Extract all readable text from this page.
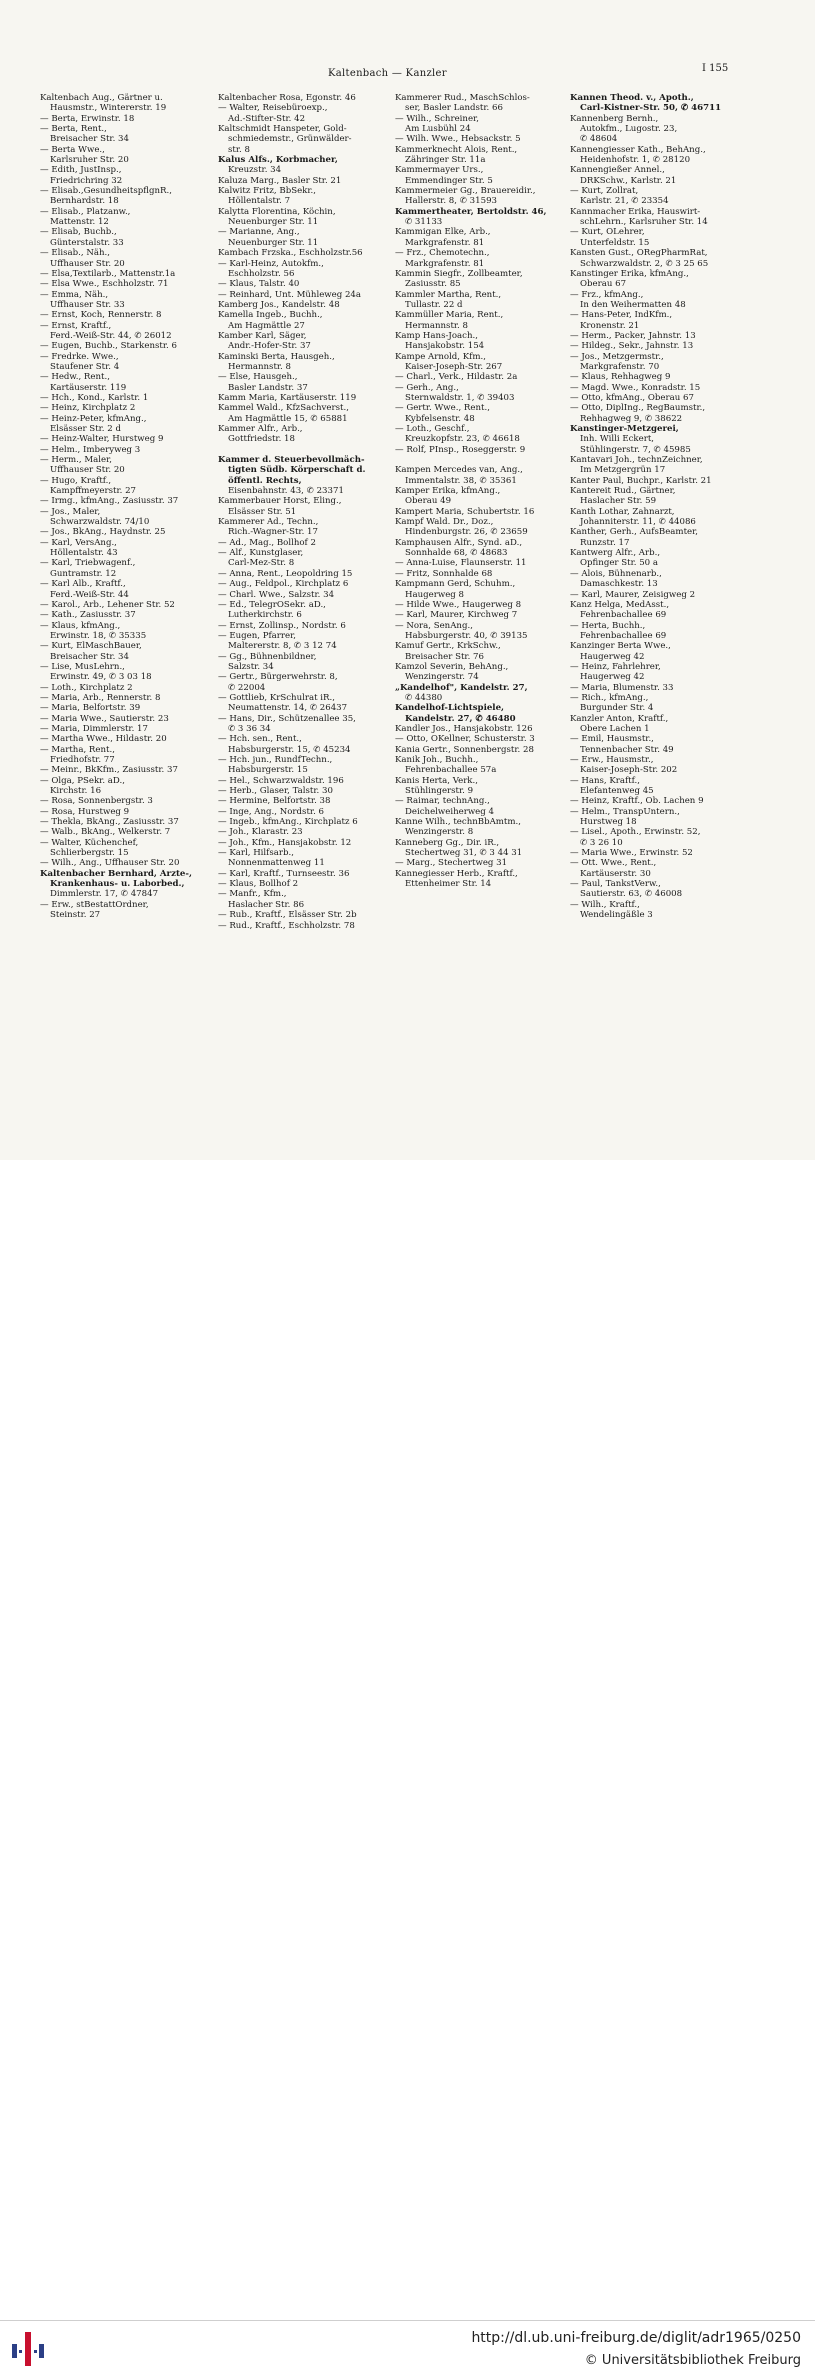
Kaltenbach — Kanzler	I 155
Kaltenbach Aug., Gärtner u.
Hausmstr., Wintererstr. 19
— Berta, Erwinstr. 18
— Berta, Rent.,
Breisacher Str. 34
— Berta Wwe.,
Karlsruher Str. 20
— Edith, JustInsp.,
Friedrichring 32
— Elisab.,GesundheitspflgnR.,
Bernhardstr. 18
— Elisab., Platzanw.,
Mattenstr. 12
— Elisab, Buchb.,
Günterstalstr. 33
— Elisab., Näh.,
Uffhauser Str. 20
— Elsa,Textilarb., Mattenstr.1a
— Elsa Wwe., Eschholzstr. 71
— Emma, Näh.,
Uffhauser Str. 33
— Ernst, Koch, Rennerstr. 8
— Ernst, Kraftf.,
Ferd.-Weiß-Str. 44, ✆ 26012
— Eugen, Buchb., Starkenstr. 6
— Fredrke. Wwe.,
Staufener Str. 4
— Hedw., Rent.,
Kartäuserstr. 119
— Hch., Kond., Karlstr. 1
— Heinz, Kirchplatz 2
— Heinz-Peter, kfmAng.,
Elsässer Str. 2 d
— Heinz-Walter, Hurstweg 9
— Helm., Imberyweg 3
— Herm., Maler,
Uffhauser Str. 20
— Hugo, Kraftf.,
Kampffmeyerstr. 27
— Irmg., kfmAng., Zasiusstr. 37
— Jos., Maler,
Schwarzwaldstr. 74/10
— Jos., BkAng., Haydnstr. 25
— Karl, VersAng.,
Höllentalstr. 43
— Karl, Triebwagenf.,
Guntramstr. 12
— Karl Alb., Kraftf.,
Ferd.-Weiß-Str. 44
— Karol., Arb., Lehener Str. 52
— Kath., Zasiusstr. 37
— Klaus, kfmAng.,
Erwinstr. 18, ✆ 35335
— Kurt, ElMaschBauer,
Breisacher Str. 34
— Lise, MusLehrn.,
Erwinstr. 49, ✆ 3 03 18
— Loth., Kirchplatz 2
— Maria, Arb., Rennerstr. 8
— Maria, Belfortstr. 39
— Maria Wwe., Sautierstr. 23
— Maria, Dimmlerstr. 17
— Martha Wwe., Hildastr. 20
— Martha, Rent.,
Friedhofstr. 77
— Meinr., BkKfm., Zasiusstr. 37
— Olga, PSekr. aD.,
Kirchstr. 16
— Rosa, Sonnenbergstr. 3
— Rosa, Hurstweg 9
— Thekla, BkAng., Zasiusstr. 37
— Walb., BkAng., Welkerstr. 7
— Walter, Küchenchef,
Schlierbergstr. 15
— Wilh., Ang., Uffhauser Str. 20
Kaltenbacher Bernhard, Ärzte-,
Krankenhaus- u. Laborbed.,
Dimmlerstr. 17, ✆ 47847
— Erw., stBestattOrdner,
Steinstr. 27
Kaltenbacher Rosa, Egonstr. 46
— Walter, Reisebüroexp.,
Ad.-Stifter-Str. 42
Kaltschmidt Hanspeter, Gold-
schmiedemstr., Grünwälder-
str. 8
Kalus Alfs., Korbmacher,
Kreuzstr. 34
Kaluza Marg., Basler Str. 21
Kalwitz Fritz, BbSekr.,
Höllentalstr. 7
Kalytta Florentina, Köchin,
Neuenburger Str. 11
— Marianne, Ang.,
Neuenburger Str. 11
Kambach Frzska., Eschholzstr.56
— Karl-Heinz, Autokfm.,
Eschholzstr. 56
— Klaus, Talstr. 40
— Reinhard, Unt. Mühleweg 24a
Kamberg Jos., Kandelstr. 48
Kamella Ingeb., Buchh.,
Am Hagmättle 27
Kamber Karl, Säger,
Andr.-Hofer-Str. 37
Kaminski Berta, Hausgeh.,
Hermannstr. 8
— Else, Hausgeh.,
Basler Landstr. 37
Kamm Maria, Kartäuserstr. 119
Kammel Wald., KfzSachverst.,
Am Hagmättle 15, ✆ 65881
Kammer Alfr., Arb.,
Gottfriedstr. 18

Kammer d. Steuerbevollmäch-
tigten Südb. Körperschaft d.
öffentl. Rechts,
Eisenbahnstr. 43, ✆ 23371
Kammerbauer Horst, Eling.,
Elsässer Str. 51
Kammerer Ad., Techn.,
Rich.-Wagner-Str. 17
— Ad., Mag., Bollhof 2
— Alf., Kunstglaser,
Carl-Mez-Str. 8
— Anna, Rent., Leopoldring 15
— Aug., Feldpol., Kirchplatz 6
— Charl. Wwe., Salzstr. 34
— Ed., TelegrOSekr. aD.,
Lutherkirchstr. 6
— Ernst, Zollinsp., Nordstr. 6
— Eugen, Pfarrer,
Maltererstr. 8, ✆ 3 12 74
— Gg., Bühnenbildner,
Salzstr. 34
— Gertr., Bürgerwehrstr. 8,
✆ 22004
— Gottlieb, KrSchulrat iR.,
Neumattenstr. 14, ✆ 26437
— Hans, Dir., Schützenallee 35,
✆ 3 36 34
— Hch. sen., Rent.,
Habsburgerstr. 15, ✆ 45234
— Hch. jun., RundfTechn.,
Habsburgerstr. 15
— Hel., Schwarzwaldstr. 196
— Herb., Glaser, Talstr. 30
— Hermine, Belfortstr. 38
— Inge, Ang., Nordstr. 6
— Ingeb., kfmAng., Kirchplatz 6
— Joh., Klarastr. 23
— Joh., Kfm., Hansjakobstr. 12
— Karl, Hilfsarb.,
Nonnenmattenweg 11
— Karl, Kraftf., Turnseestr. 36
— Klaus, Bollhof 2
— Manfr., Kfm.,
Haslacher Str. 86
— Rub., Kraftf., Elsässer Str. 2b
— Rud., Kraftf., Eschholzstr. 78
Kammerer Rud., MaschSchlos-
ser, Basler Landstr. 66
— Wilh., Schreiner,
Am Lusbühl 24
— Wilh. Wwe., Hebsackstr. 5
Kammerknecht Alois, Rent.,
Zähringer Str. 11a
Kammermayer Urs.,
Emmendinger Str. 5
Kammermeier Gg., Brauereidir.,
Hallerstr. 8, ✆ 31593
Kammertheater, Bertoldstr. 46,
✆ 31133
Kammigan Elke, Arb.,
Markgrafenstr. 81
— Frz., Chemotechn.,
Markgrafenstr. 81
Kammin Siegfr., Zollbeamter,
Zasiusstr. 85
Kammler Martha, Rent.,
Tullastr. 22 d
Kammüller Maria, Rent.,
Hermannstr. 8
Kamp Hans-Joach.,
Hansjakobstr. 154
Kampe Arnold, Kfm.,
Kaiser-Joseph-Str. 267
— Charl., Verk., Hildastr. 2a
— Gerh., Ang.,
Sternwaldstr. 1, ✆ 39403
— Gertr. Wwe., Rent.,
Kybfelsenstr. 48
— Loth., Geschf.,
Kreuzkopfstr. 23, ✆ 46618
— Rolf, PInsp., Roseggerstr. 9

Kampen Mercedes van, Ang.,
Immentalstr. 38, ✆ 35361
Kamper Erika, kfmAng.,
Oberau 49
Kampert Maria, Schubertstr. 16
Kampf Wald. Dr., Doz.,
Hindenburgstr. 26, ✆ 23659
Kamphausen Alfr., Synd. aD.,
Sonnhalde 68, ✆ 48683
— Anna-Luise, Flaunserstr. 11
— Fritz, Sonnhalde 68
Kampmann Gerd, Schuhm.,
Haugerweg 8
— Hilde Wwe., Haugerweg 8
— Karl, Maurer, Kirchweg 7
— Nora, SenAng.,
Habsburgerstr. 40, ✆ 39135
Kamuf Gertr., KrkSchw.,
Breisacher Str. 76
Kamzol Severin, BehAng.,
Wenzingerstr. 74
„Kandelhof", Kandelstr. 27,
✆ 44380
Kandelhof-Lichtspiele,
Kandelstr. 27, ✆ 46480
Kandler Jos., Hansjakobstr. 126
— Otto, OKellner, Schusterstr. 3
Kania Gertr., Sonnenbergstr. 28
Kanik Joh., Buchh.,
Fehrenbachallee 57a
Kanis Herta, Verk.,
Stühlingerstr. 9
— Raimar, technAng.,
Deichelweiherweg 4
Kanne Wilh., technBbAmtm.,
Wenzingerstr. 8
Kanneberg Gg., Dir. iR.,
Stechertweg 31, ✆ 3 44 31
— Marg., Stechertweg 31
Kannegiesser Herb., Kraftf.,
Ettenheimer Str. 14
Kannen Theod. v., Apoth.,
Carl-Kistner-Str. 50, ✆ 46711
Kannenberg Bernh.,
Autokfm., Lugostr. 23,
✆ 48604
Kannengiesser Kath., BehAng.,
Heidenhofstr. 1, ✆ 28120
Kannengießer Annel.,
DRKSchw., Karlstr. 21
— Kurt, Zollrat,
Karlstr. 21, ✆ 23354
Kannmacher Erika, Hauswirt-
schLehrn., Karlsruher Str. 14
— Kurt, OLehrer,
Unterfeldstr. 15
Kansten Gust., ORegPharmRat,
Schwarzwaldstr. 2, ✆ 3 25 65
Kanstinger Erika, kfmAng.,
Oberau 67
— Frz., kfmAng.,
In den Weihermatten 48
— Hans-Peter, IndKfm.,
Kronenstr. 21
— Herm., Packer, Jahnstr. 13
— Hildeg., Sekr., Jahnstr. 13
— Jos., Metzgermstr.,
Markgrafenstr. 70
— Klaus, Rehhagweg 9
— Magd. Wwe., Konradstr. 15
— Otto, kfmAng., Oberau 67
— Otto, DiplIng., RegBaumstr.,
Rehhagweg 9, ✆ 38622
Kanstinger-Metzgerei,
Inh. Willi Eckert,
Stühlingerstr. 7, ✆ 45985
Kantavari Joh., technZeichner,
Im Metzgergrün 17
Kanter Paul, Buchpr., Karlstr. 21
Kantereit Rud., Gärtner,
Haslacher Str. 59
Kanth Lothar, Zahnarzt,
Johanniterstr. 11, ✆ 44086
Kanther, Gerh., AufsBeamter,
Runzstr. 17
Kantwerg Alfr., Arb.,
Opfinger Str. 50 a
— Alois, Bühnenarb.,
Damaschkestr. 13
— Karl, Maurer, Zeisigweg 2
Kanz Helga, MedAsst.,
Fehrenbachallee 69
— Herta, Buchh.,
Fehrenbachallee 69
Kanzinger Berta Wwe.,
Haugerweg 42
— Heinz, Fahrlehrer,
Haugerweg 42
— Maria, Blumenstr. 33
— Rich., kfmAng.,
Burgunder Str. 4
Kanzler Anton, Kraftf.,
Obere Lachen 1
— Emil, Hausmstr.,
Tennenbacher Str. 49
— Erw., Hausmstr.,
Kaiser-Joseph-Str. 202
— Hans, Kraftf.,
Elefantenweg 45
— Heinz, Kraftf., Ob. Lachen 9
— Helm., TranspUntern.,
Hurstweg 18
— Lisel., Apoth., Erwinstr. 52,
✆ 3 26 10
— Maria Wwe., Erwinstr. 52
— Ott. Wwe., Rent.,
Kartäuserstr. 30
— Paul, TankstVerw.,
Sautierstr. 63, ✆ 46008
— Wilh., Kraftf.,
Wendelingäßle 3
http://dl.ub.uni-freiburg.de/diglit/adr1965/0250
© Universitätsbibliothek Freiburg
